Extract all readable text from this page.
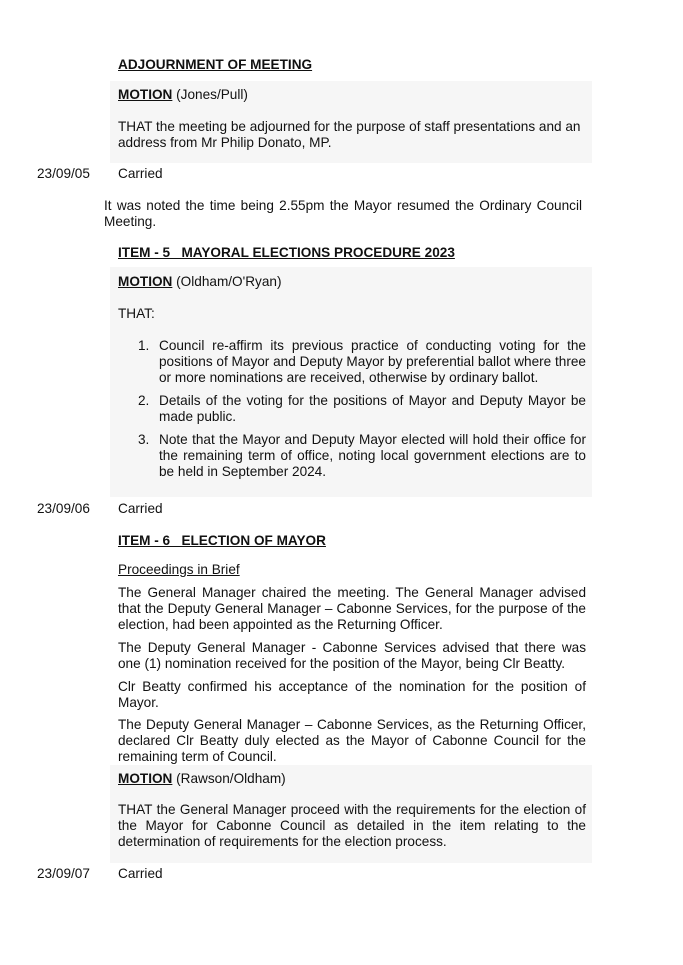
ADJOURNMENT OF MEETING
MOTION (Jones/Pull)
THAT the meeting be adjourned for the purpose of staff presentations and an address from Mr Philip Donato, MP.
23/09/05 Carried
It was noted the time being 2.55pm the Mayor resumed the Ordinary Council Meeting.
ITEM - 5   MAYORAL ELECTIONS PROCEDURE 2023
MOTION (Oldham/O'Ryan)
THAT:
1. Council re-affirm its previous practice of conducting voting for the positions of Mayor and Deputy Mayor by preferential ballot where three or more nominations are received, otherwise by ordinary ballot.
2. Details of the voting for the positions of Mayor and Deputy Mayor be made public.
3. Note that the Mayor and Deputy Mayor elected will hold their office for the remaining term of office, noting local government elections are to be held in September 2024.
23/09/06 Carried
ITEM - 6   ELECTION OF MAYOR
Proceedings in Brief
The General Manager chaired the meeting. The General Manager advised that the Deputy General Manager – Cabonne Services, for the purpose of the election, had been appointed as the Returning Officer.
The Deputy General Manager - Cabonne Services advised that there was one (1) nomination received for the position of the Mayor, being Clr Beatty.
Clr Beatty confirmed his acceptance of the nomination for the position of Mayor.
The Deputy General Manager – Cabonne Services, as the Returning Officer, declared Clr Beatty duly elected as the Mayor of Cabonne Council for the remaining term of Council.
MOTION (Rawson/Oldham)
THAT the General Manager proceed with the requirements for the election of the Mayor for Cabonne Council as detailed in the item relating to the determination of requirements for the election process.
23/09/07 Carried
